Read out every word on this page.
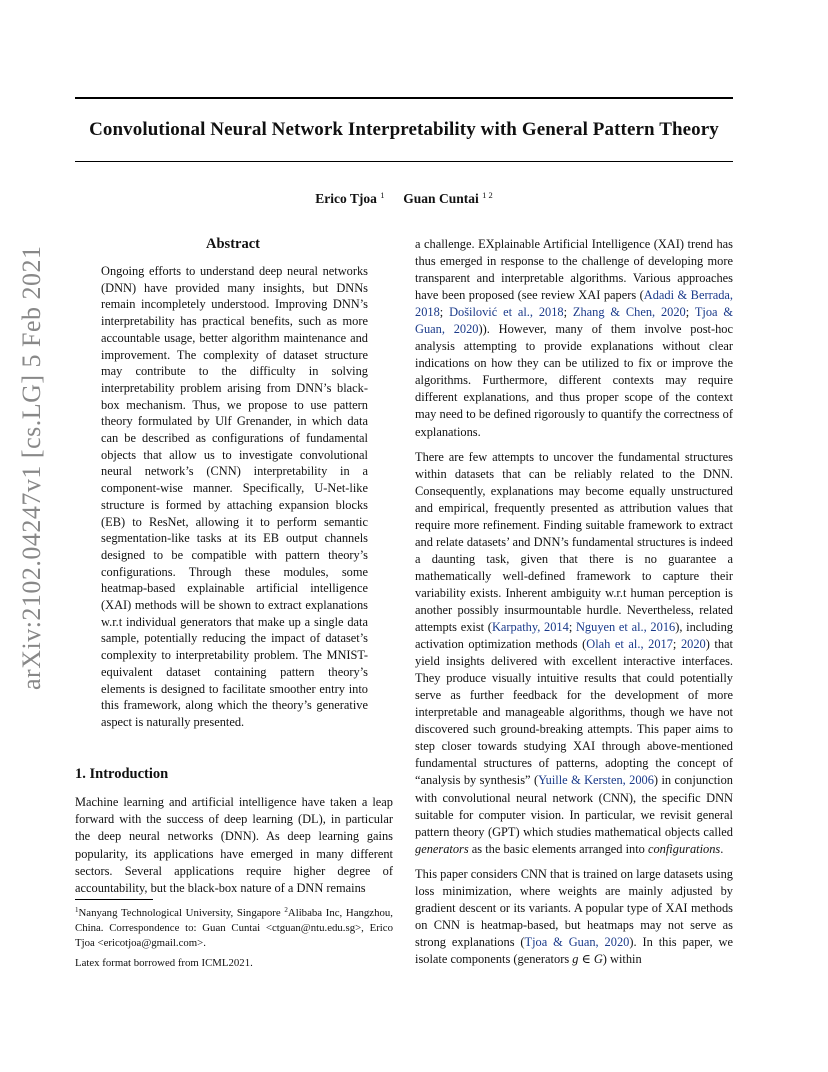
Convolutional Neural Network Interpretability with General Pattern Theory
Erico Tjoa $^1$ Guan Cuntai $^{1 2}$
arXiv:2102.04247v1 [cs.LG] 5 Feb 2021
Abstract
Ongoing efforts to understand deep neural networks (DNN) have provided many insights, but DNNs remain incompletely understood. Improving DNN’s interpretability has practical benefits, such as more accountable usage, better algorithm maintenance and improvement. The complexity of dataset structure may contribute to the difficulty in solving interpretability problem arising from DNN’s black-box mechanism. Thus, we propose to use pattern theory formulated by Ulf Grenander, in which data can be described as configurations of fundamental objects that allow us to investigate convolutional neural network’s (CNN) interpretability in a component-wise manner. Specifically, U-Net-like structure is formed by attaching expansion blocks (EB) to ResNet, allowing it to perform semantic segmentation-like tasks at its EB output channels designed to be compatible with pattern theory’s configurations. Through these modules, some heatmap-based explainable artificial intelligence (XAI) methods will be shown to extract explanations w.r.t individual generators that make up a single data sample, potentially reducing the impact of dataset’s complexity to interpretability problem. The MNIST-equivalent dataset containing pattern theory’s elements is designed to facilitate smoother entry into this framework, along which the theory’s generative aspect is naturally presented.
1. Introduction
Machine learning and artificial intelligence have taken a leap forward with the success of deep learning (DL), in particular the deep neural networks (DNN). As deep learning gains popularity, its applications have emerged in many different sectors. Several applications require higher degree of accountability, but the black-box nature of a DNN remains
$^1$Nanyang Technological University, Singapore $^2$Alibaba Inc, Hangzhou, China. Correspondence to: Guan Cuntai <ctguan@ntu.edu.sg>, Erico Tjoa <ericotjoa@gmail.com>.
Latex format borrowed from ICML2021.

a challenge. EXplainable Artificial Intelligence (XAI) trend has thus emerged in response to the challenge of developing more transparent and interpretable algorithms. Various approaches have been proposed (see review XAI papers (Adadi & Berrada, 2018; Došilović et al., 2018; Zhang & Chen, 2020; Tjoa & Guan, 2020)). However, many of them involve post-hoc analysis attempting to provide explanations without clear indications on how they can be utilized to fix or improve the algorithms. Furthermore, different contexts may require different explanations, and thus proper scope of the context may need to be defined rigorously to quantify the correctness of explanations.

There are few attempts to uncover the fundamental structures within datasets that can be reliably related to the DNN. Consequently, explanations may become equally unstructured and empirical, frequently presented as attribution values that require more refinement. Finding suitable framework to extract and relate datasets’ and DNN’s fundamental structures is indeed a daunting task, given that there is no guarantee a mathematically well-defined framework to capture their variability exists. Inherent ambiguity w.r.t human perception is another possibly insurmountable hurdle. Nevertheless, related attempts exist (Karpathy, 2014; Nguyen et al., 2016), including activation optimization methods (Olah et al., 2017; 2020) that yield insights delivered with excellent interactive interfaces. They produce visually intuitive results that could potentially serve as further feedback for the development of more interpretable and manageable algorithms, though we have not discovered such ground-breaking attempts. This paper aims to step closer towards studying XAI through above-mentioned fundamental structures of patterns, adopting the concept of “analysis by synthesis” (Yuille & Kersten, 2006) in conjunction with convolutional neural network (CNN), the specific DNN suitable for computer vision. In particular, we revisit general pattern theory (GPT) which studies mathematical objects called generators as the basic elements arranged into configurations.

This paper considers CNN that is trained on large datasets using loss minimization, where weights are mainly adjusted by gradient descent or its variants. A popular type of XAI methods on CNN is heatmap-based, but heatmaps may not serve as strong explanations (Tjoa & Guan, 2020). In this paper, we isolate components (generators g ∈ G) within
